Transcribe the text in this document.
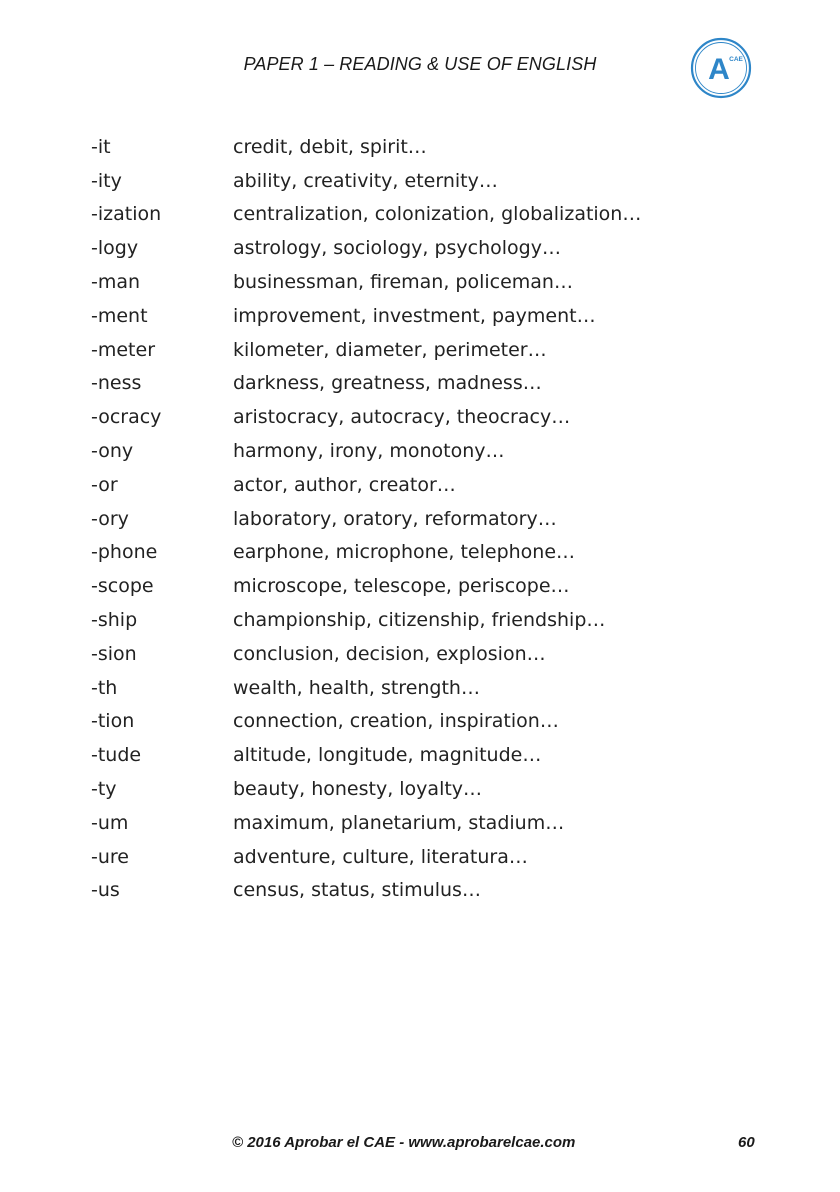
PAPER 1 – READING & USE OF ENGLISH	A CAE
-it	credit, debit, spirit…
-ity	ability, creativity, eternity…
-ization	centralization, colonization, globalization…
-logy	astrology, sociology, psychology…
-man	businessman, fireman, policeman…
-ment	improvement, investment, payment…
-meter	kilometer, diameter, perimeter…
-ness	darkness, greatness, madness…
-ocracy	aristocracy, autocracy, theocracy…
-ony	harmony, irony, monotony…
-or	actor, author, creator…
-ory	laboratory, oratory, reformatory…
-phone	earphone, microphone, telephone…
-scope	microscope, telescope, periscope…
-ship	championship, citizenship, friendship…
-sion	conclusion, decision, explosion…
-th	wealth, health, strength…
-tion	connection, creation, inspiration…
-tude	altitude, longitude, magnitude…
-ty	beauty, honesty, loyalty…
-um	maximum, planetarium, stadium…
-ure	adventure, culture, literatura…
-us	census, status, stimulus…
© 2016 Aprobar el CAE - www.aprobarelcae.com	60
